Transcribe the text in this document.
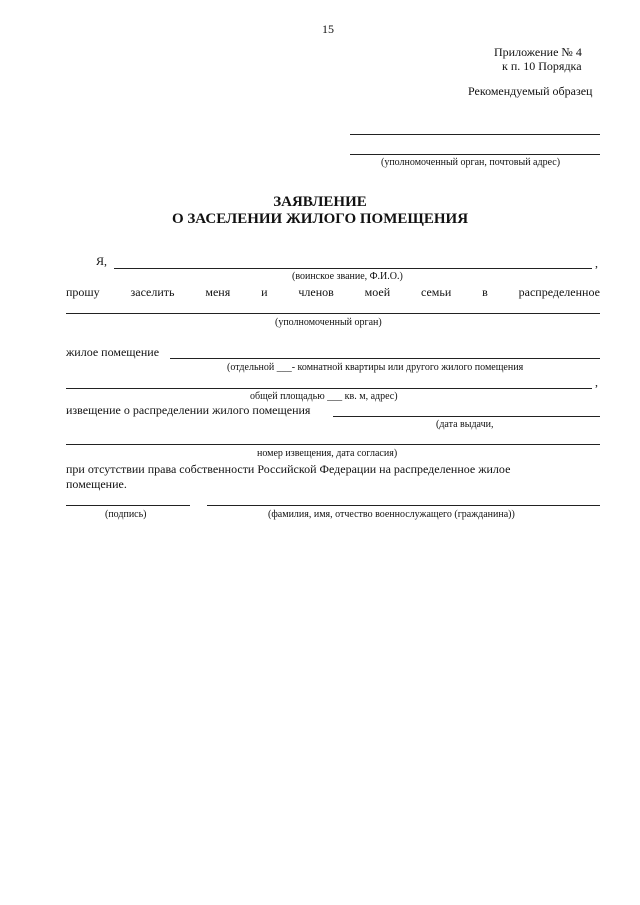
15
Приложение № 4
к п. 10 Порядка
Рекомендуемый образец
(уполномоченный орган, почтовый адрес)
ЗАЯВЛЕНИЕ
О ЗАСЕЛЕНИИ ЖИЛОГО ПОМЕЩЕНИЯ
Я,	,
(воинское звание, Ф.И.О.)
прошу	заселить	меня	и	членов	моей	семьи	в	распределенное
(уполномоченный орган)
жилое помещение
(отдельной ___- комнатной квартиры или другого жилого помещения
,
общей площадью ___ кв. м, адрес)
извещение о распределении жилого помещения
(дата выдачи,
номер извещения, дата согласия)
при отсутствии права собственности Российской Федерации на распределенное жилое
помещение.
(подпись)	(фамилия, имя, отчество военнослужащего (гражданина))
